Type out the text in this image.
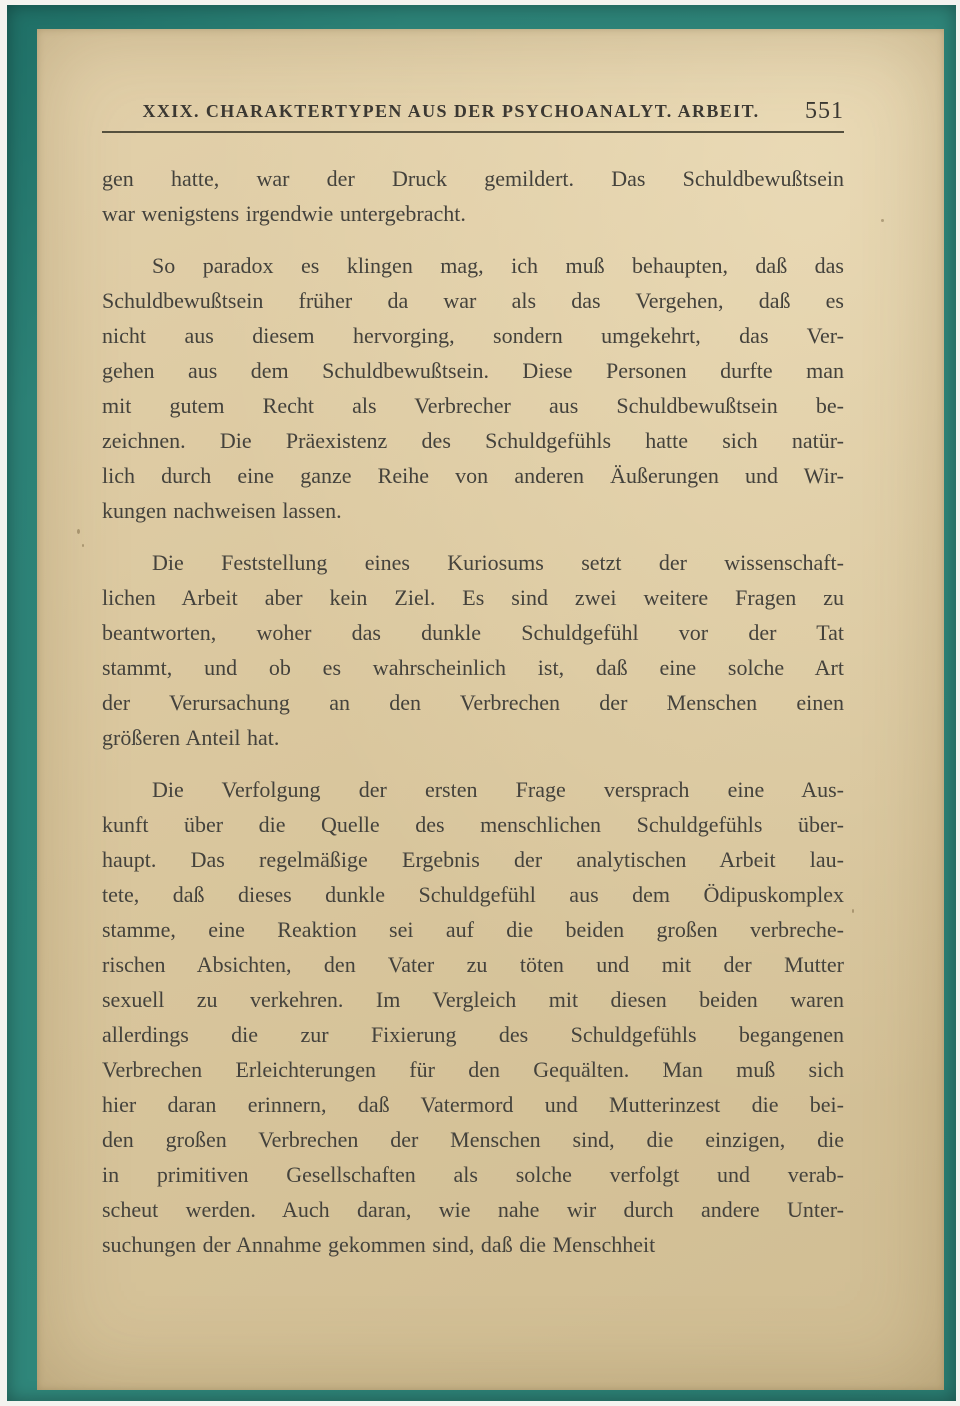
XXIX. CHARAKTERTYPEN AUS DER PSYCHOANALYT. ARBEIT. 551
gen hatte, war der Druck gemildert. Das Schuldbewußtsein
war wenigstens irgendwie untergebracht.
So paradox es klingen mag, ich muß behaupten, daß das
Schuldbewußtsein früher da war als das Vergehen, daß es
nicht aus diesem hervorging, sondern umgekehrt, das Ver-
gehen aus dem Schuldbewußtsein. Diese Personen durfte man
mit gutem Recht als Verbrecher aus Schuldbewußtsein be-
zeichnen. Die Präexistenz des Schuldgefühls hatte sich natür-
lich durch eine ganze Reihe von anderen Äußerungen und Wir-
kungen nachweisen lassen.
Die Feststellung eines Kuriosums setzt der wissenschaft-
lichen Arbeit aber kein Ziel. Es sind zwei weitere Fragen zu
beantworten, woher das dunkle Schuldgefühl vor der Tat
stammt, und ob es wahrscheinlich ist, daß eine solche Art
der Verursachung an den Verbrechen der Menschen einen
größeren Anteil hat.
Die Verfolgung der ersten Frage versprach eine Aus-
kunft über die Quelle des menschlichen Schuldgefühls über-
haupt. Das regelmäßige Ergebnis der analytischen Arbeit lau-
tete, daß dieses dunkle Schuldgefühl aus dem Ödipuskomplex
stamme, eine Reaktion sei auf die beiden großen verbreche-
rischen Absichten, den Vater zu töten und mit der Mutter
sexuell zu verkehren. Im Vergleich mit diesen beiden waren
allerdings die zur Fixierung des Schuldgefühls begangenen
Verbrechen Erleichterungen für den Gequälten. Man muß sich
hier daran erinnern, daß Vatermord und Mutterinzest die bei-
den großen Verbrechen der Menschen sind, die einzigen, die
in primitiven Gesellschaften als solche verfolgt und verab-
scheut werden. Auch daran, wie nahe wir durch andere Unter-
suchungen der Annahme gekommen sind, daß die Menschheit
